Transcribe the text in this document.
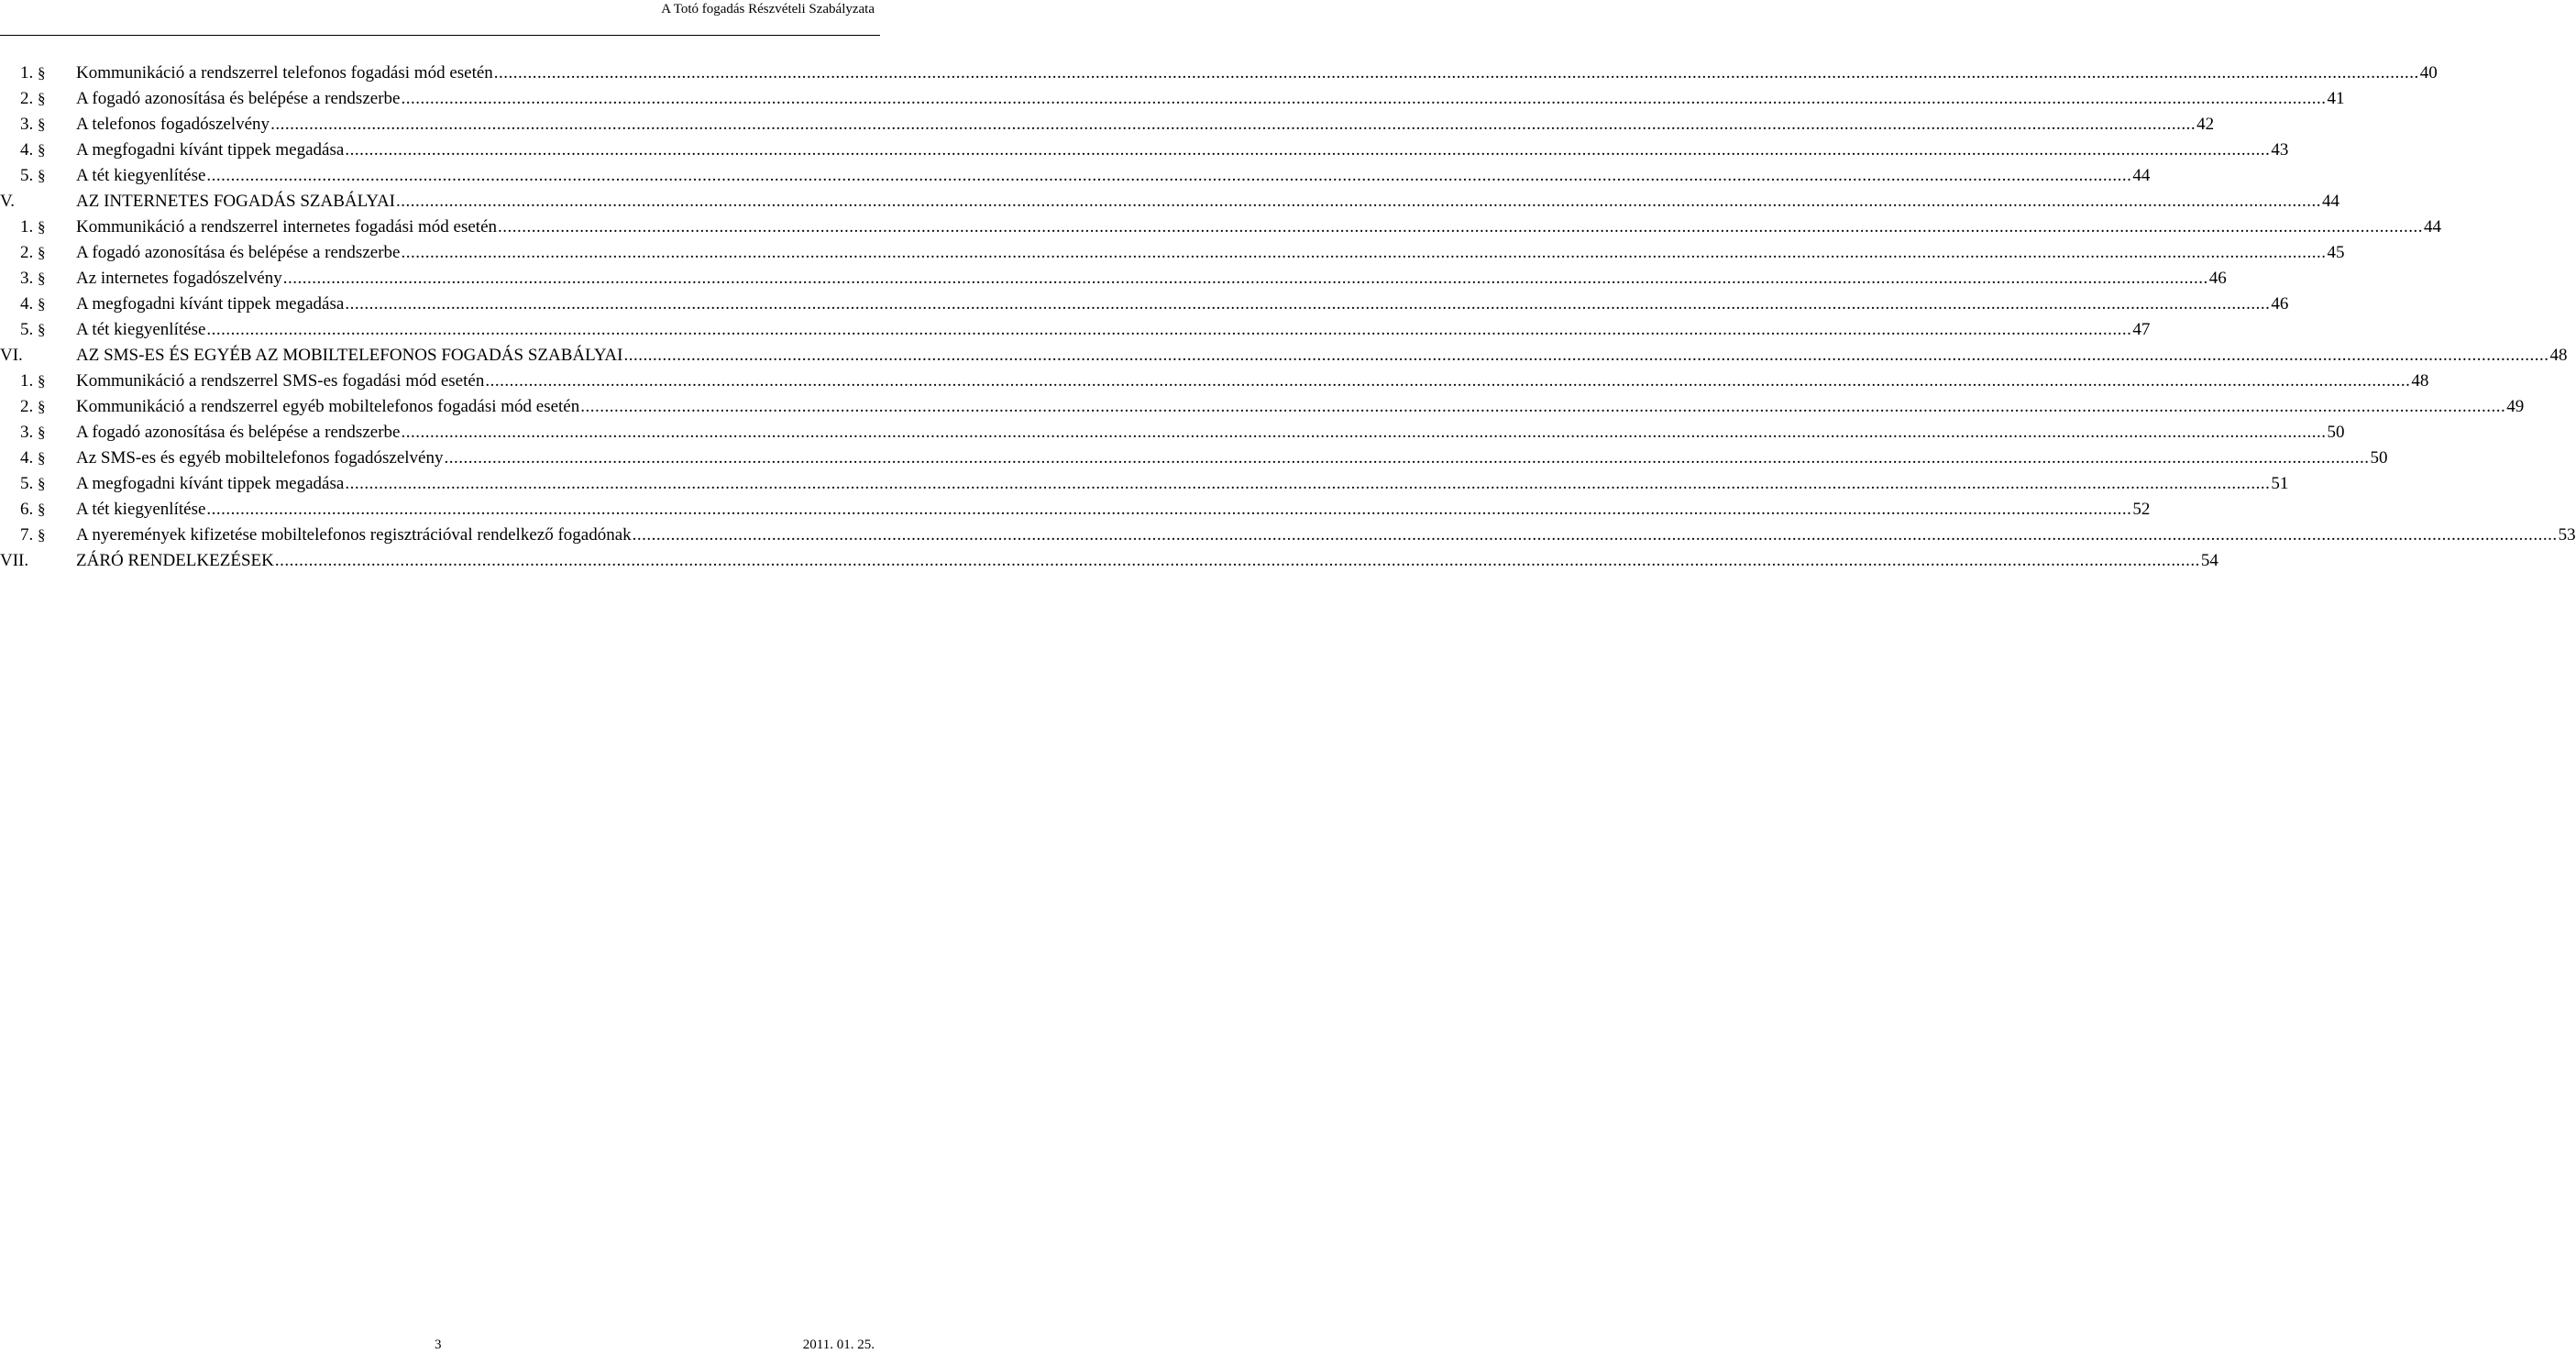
A Totó fogadás Részvételi Szabályzata
1. § Kommunikáció a rendszerrel telefonos fogadási mód esetén ................................................................................................................................................................................................................................................................................................................................................................................................................ 40
2. § A fogadó azonosítása és belépése a rendszerbe ................................................................................................................................................................................................................................................................................................................................................................................................................ 41
3. § A telefonos fogadószelvény ................................................................................................................................................................................................................................................................................................................................................................................................................ 42
4. § A megfogadni kívánt tippek megadása ................................................................................................................................................................................................................................................................................................................................................................................................................ 43
5. § A tét kiegyenlítése ................................................................................................................................................................................................................................................................................................................................................................................................................ 44
V.	AZ INTERNETES FOGADÁS SZABÁLYAI ................................................................................................................................................................................................................................................................................................................................................................................................................ 44
1. § Kommunikáció a rendszerrel internetes fogadási mód esetén ................................................................................................................................................................................................................................................................................................................................................................................................................ 44
2. § A fogadó azonosítása és belépése a rendszerbe ................................................................................................................................................................................................................................................................................................................................................................................................................ 45
3. § Az internetes fogadószelvény ................................................................................................................................................................................................................................................................................................................................................................................................................ 46
4. § A megfogadni kívánt tippek megadása ................................................................................................................................................................................................................................................................................................................................................................................................................ 46
5. § A tét kiegyenlítése ................................................................................................................................................................................................................................................................................................................................................................................................................ 47
VI.	AZ SMS-ES ÉS EGYÉB AZ MOBILTELEFONOS FOGADÁS SZABÁLYAI ................................................................................................................................................................................................................................................................................................................................................................................................................ 48
1. § Kommunikáció a rendszerrel SMS-es fogadási mód esetén ................................................................................................................................................................................................................................................................................................................................................................................................................ 48
2. § Kommunikáció a rendszerrel egyéb mobiltelefonos fogadási mód esetén ................................................................................................................................................................................................................................................................................................................................................................................................................ 49
3. § A fogadó azonosítása és belépése a rendszerbe ................................................................................................................................................................................................................................................................................................................................................................................................................ 50
4. § Az SMS-es és egyéb mobiltelefonos fogadószelvény ................................................................................................................................................................................................................................................................................................................................................................................................................ 50
5. § A megfogadni kívánt tippek megadása ................................................................................................................................................................................................................................................................................................................................................................................................................ 51
6. § A tét kiegyenlítése ................................................................................................................................................................................................................................................................................................................................................................................................................ 52
7. § A nyeremények kifizetése mobiltelefonos regisztrációval rendelkező fogadónak ................................................................................................................................................................................................................................................................................................................................................................................................................ 53
VII.	ZÁRÓ RENDELKEZÉSEK ................................................................................................................................................................................................................................................................................................................................................................................................................ 54
3	2011. 01. 25.
